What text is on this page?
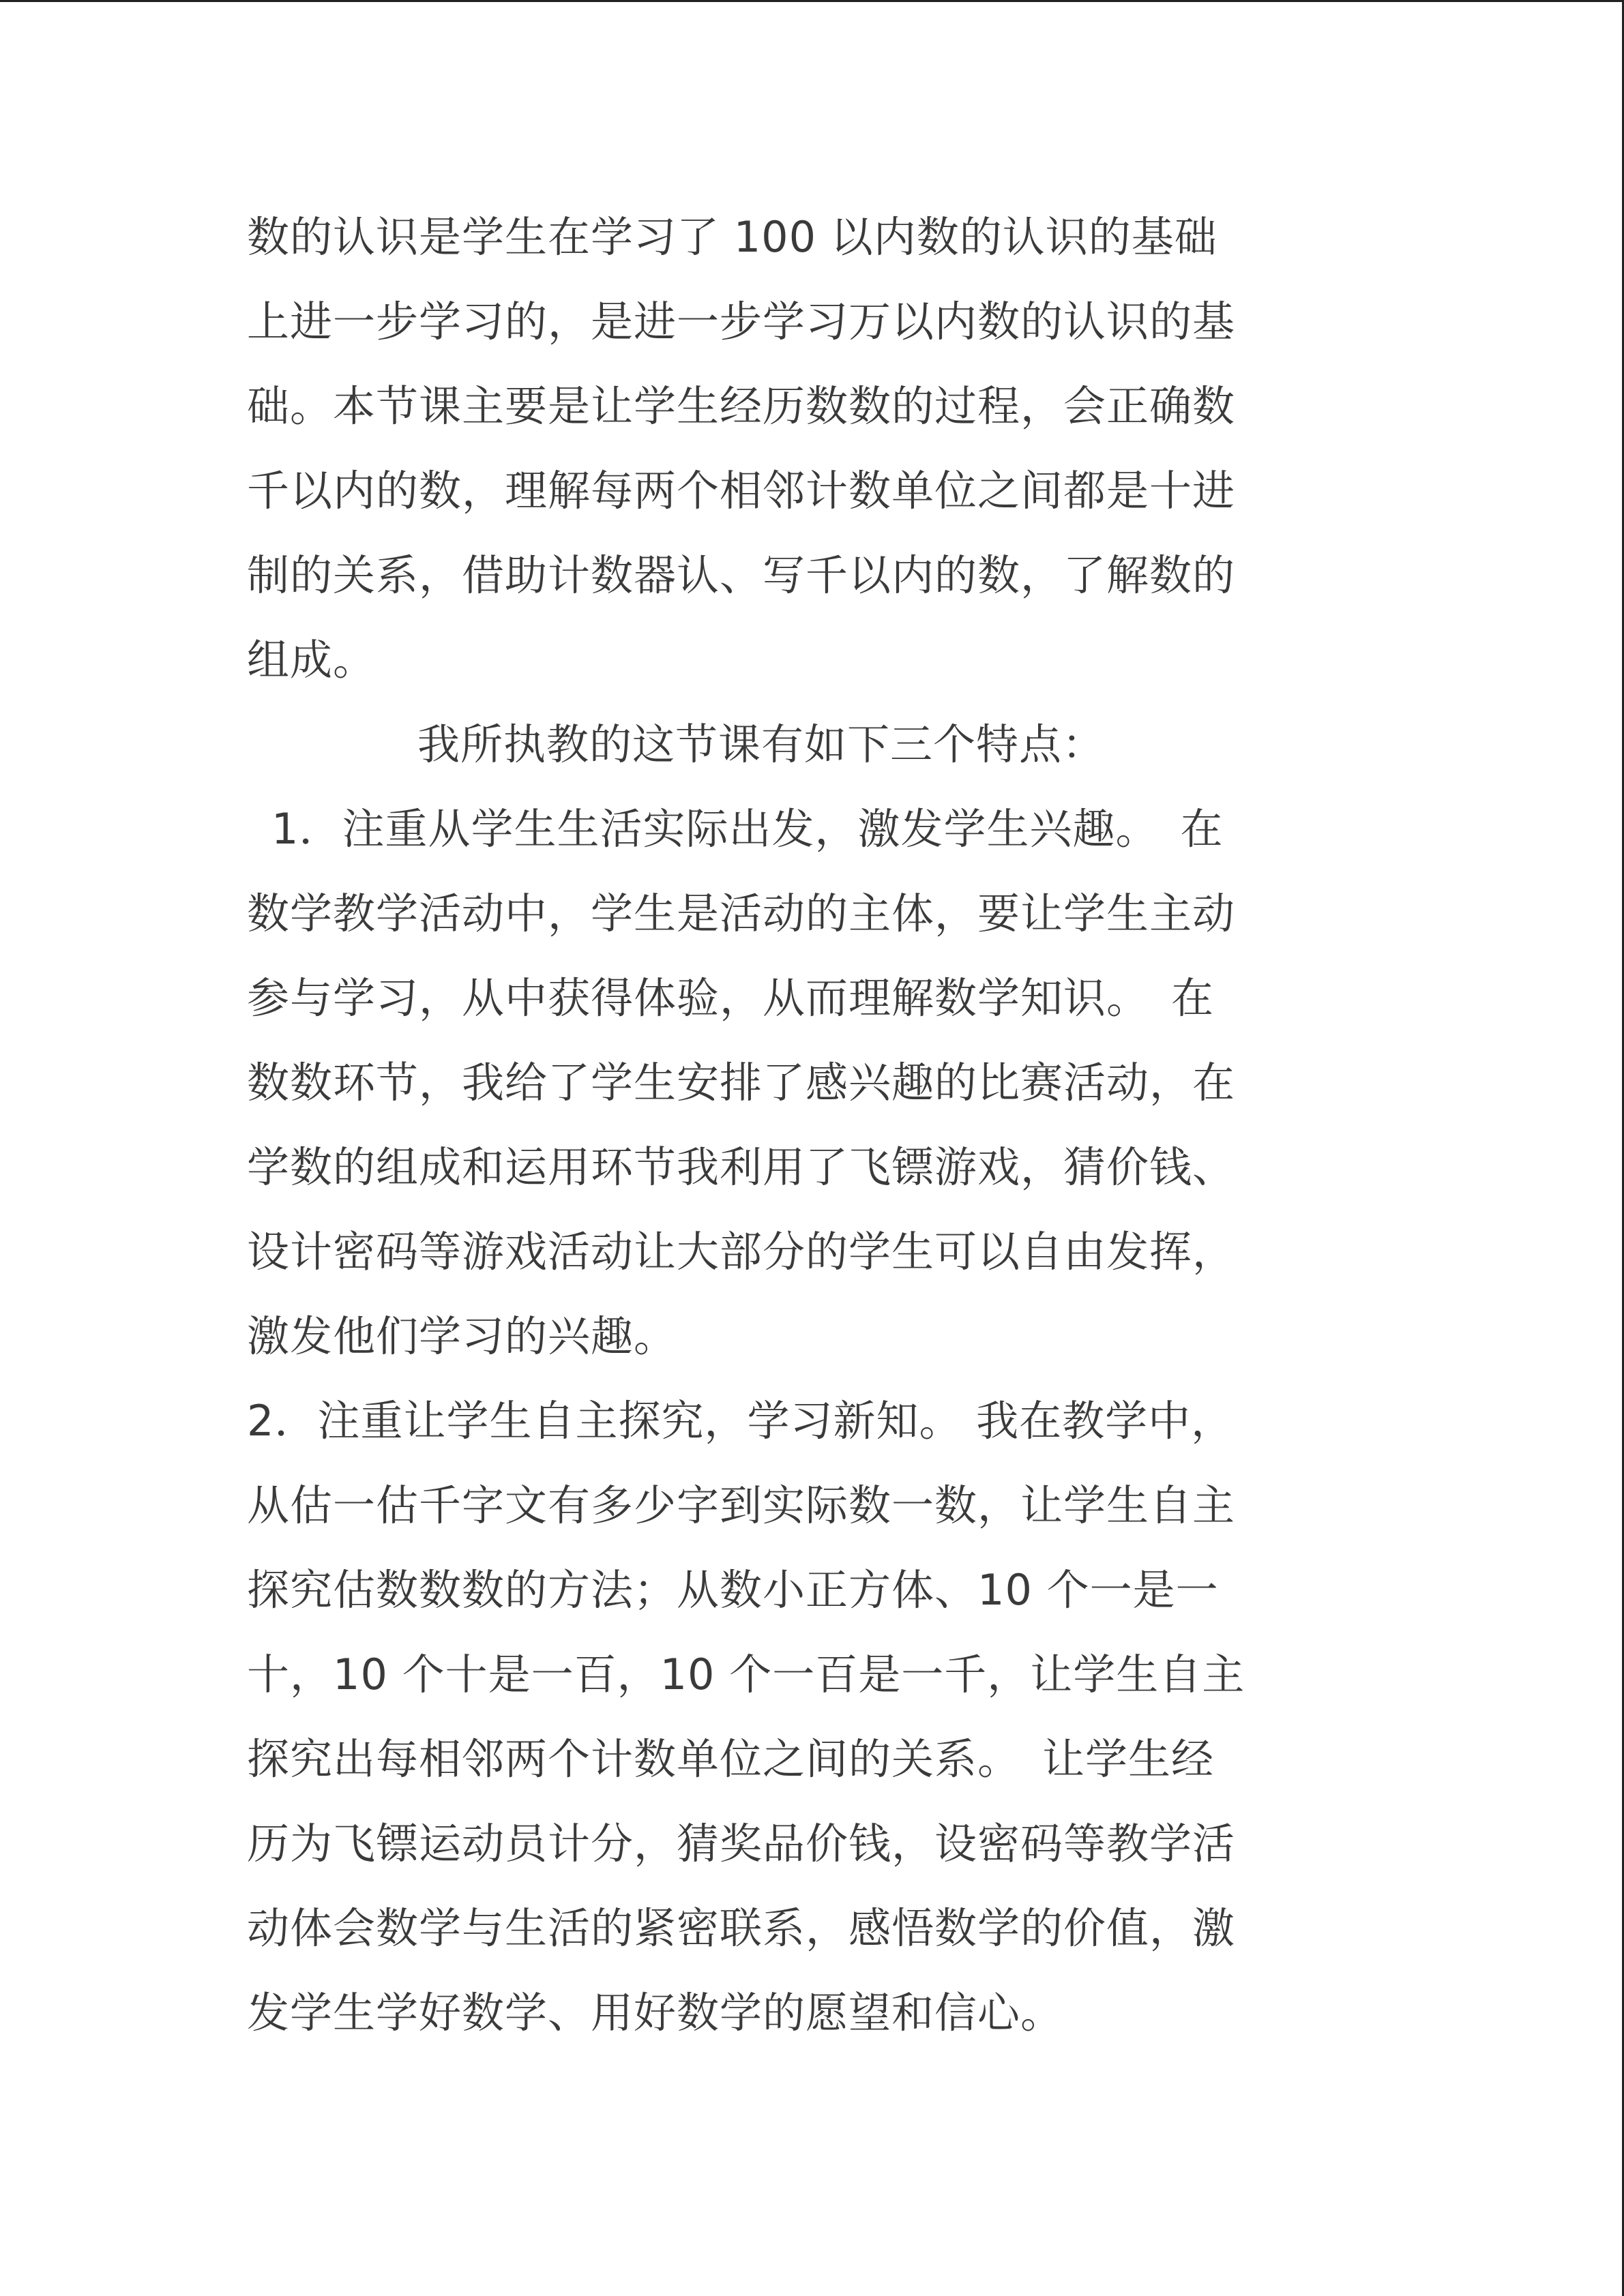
数的认识是学生在学习了 100 以内数的认识的基础

上进一步学习的，是进一步学习万以内数的认识的基

础。本节课主要是让学生经历数数的过程，会正确数

千以内的数，理解每两个相邻计数单位之间都是十进

制的关系，借助计数器认、写千以内的数，了解数的

组成。

我所执教的这节课有如下三个特点：

1．注重从学生生活实际出发，激发学生兴趣。　在

数学教学活动中，学生是活动的主体，要让学生主动

参与学习，从中获得体验，从而理解数学知识。　在

数数环节，我给了学生安排了感兴趣的比赛活动，在

学数的组成和运用环节我利用了飞镖游戏，猜价钱、

设计密码等游戏活动让大部分的学生可以自由发挥，

激发他们学习的兴趣。

2．注重让学生自主探究，学习新知。 我在教学中，

从估一估千字文有多少字到实际数一数，让学生自主

探究估数数数的方法；从数小正方体、10 个一是一

十，10 个十是一百，10 个一百是一千，让学生自主

探究出每相邻两个计数单位之间的关系。　让学生经

历为飞镖运动员计分，猜奖品价钱，设密码等教学活

动体会数学与生活的紧密联系，感悟数学的价值，激

发学生学好数学、用好数学的愿望和信心。
